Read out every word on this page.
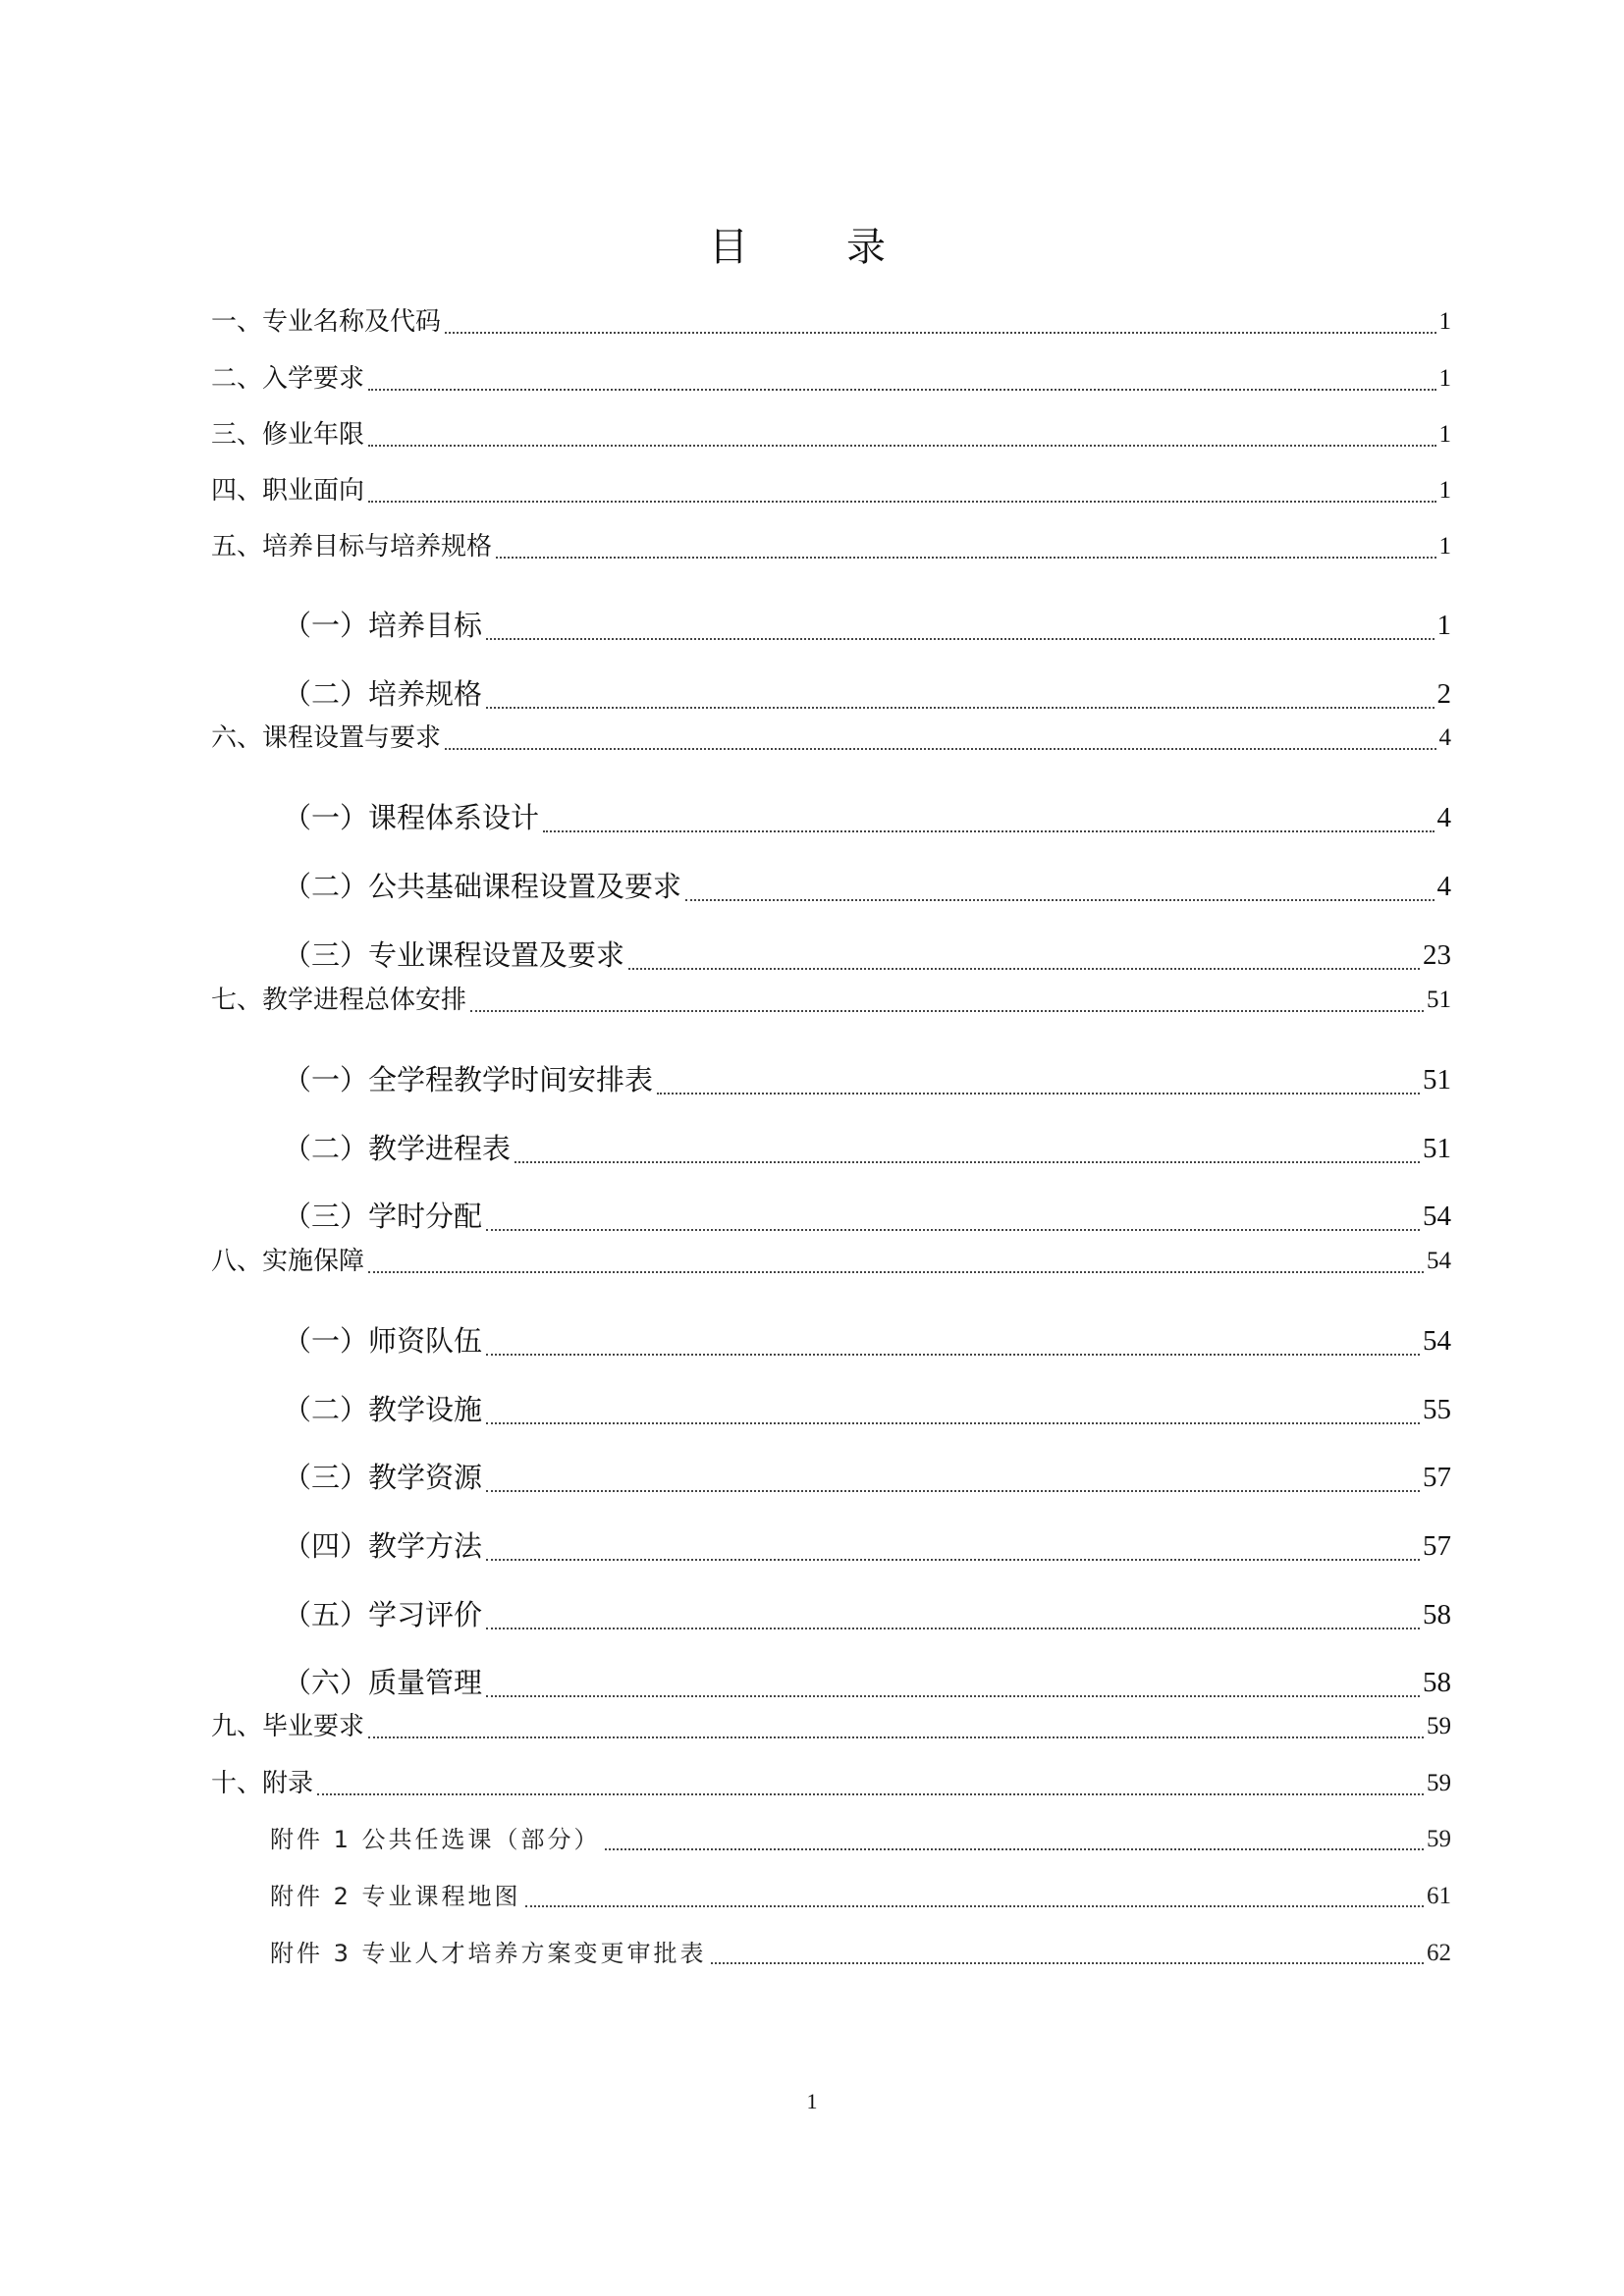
目　录
一、专业名称及代码	1
二、入学要求	1
三、修业年限	1
四、职业面向	1
五、培养目标与培养规格	1
（一）培养目标	1
（二）培养规格	2
六、课程设置与要求	4
（一）课程体系设计	4
（二）公共基础课程设置及要求	4
（三）专业课程设置及要求	23
七、教学进程总体安排	51
（一）全学程教学时间安排表	51
（二）教学进程表	51
（三）学时分配	54
八、实施保障	54
（一）师资队伍	54
（二）教学设施	55
（三）教学资源	57
（四）教学方法	57
（五）学习评价	58
（六）质量管理	58
九、毕业要求	59
十、附录	59
附件 1 公共任选课（部分）	59
附件 2 专业课程地图	61
附件 3 专业人才培养方案变更审批表	62
1
